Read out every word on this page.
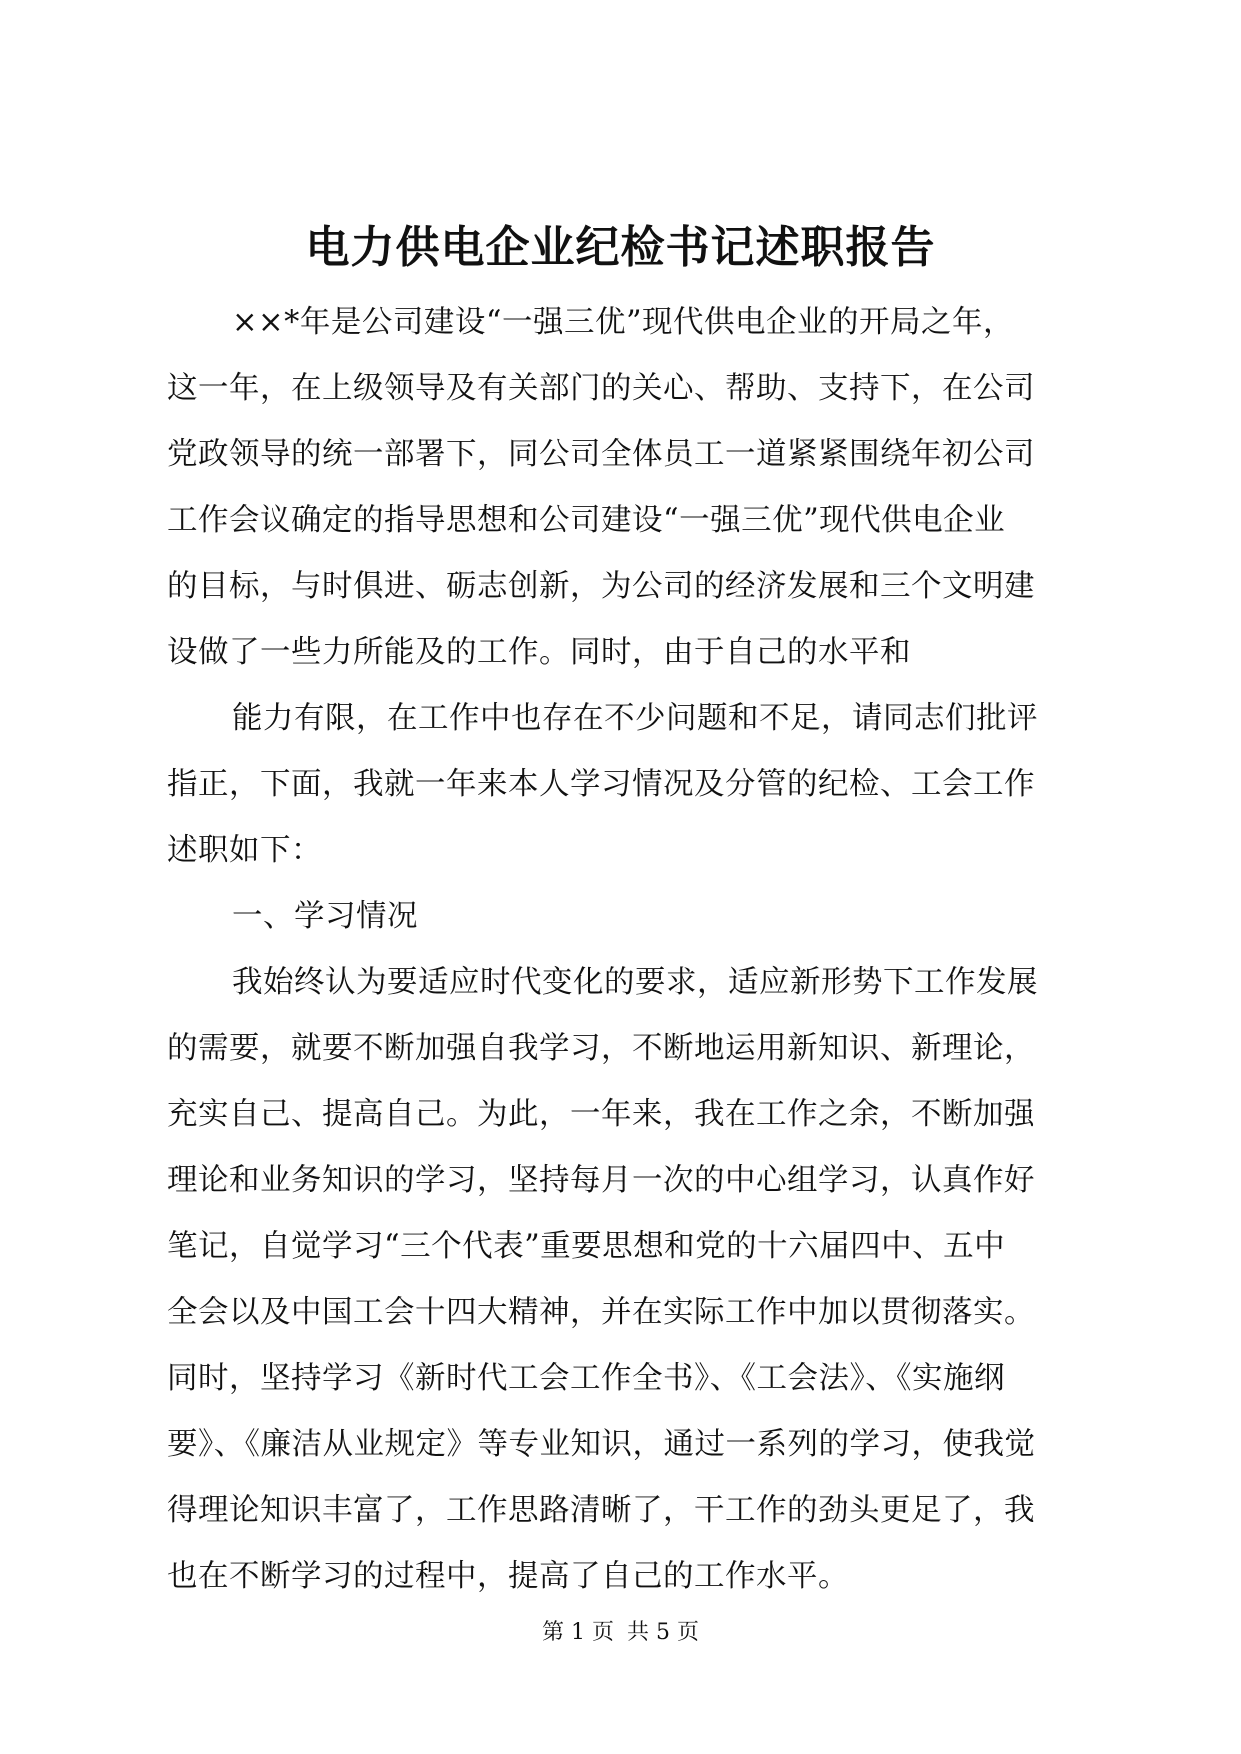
电力供电企业纪检书记述职报告
××*年是公司建设“一强三优”现代供电企业的开局之年，
这一年，在上级领导及有关部门的关心、帮助、支持下，在公司
党政领导的统一部署下，同公司全体员工一道紧紧围绕年初公司
工作会议确定的指导思想和公司建设“一强三优”现代供电企业
的目标，与时俱进、砺志创新，为公司的经济发展和三个文明建
设做了一些力所能及的工作。同时，由于自己的水平和
能力有限，在工作中也存在不少问题和不足，请同志们批评
指正，下面，我就一年来本人学习情况及分管的纪检、工会工作
述职如下：
一、学习情况
我始终认为要适应时代变化的要求，适应新形势下工作发展
的需要，就要不断加强自我学习，不断地运用新知识、新理论，
充实自己、提高自己。为此，一年来，我在工作之余，不断加强
理论和业务知识的学习，坚持每月一次的中心组学习，认真作好
笔记，自觉学习“三个代表”重要思想和党的十六届四中、五中
全会以及中国工会十四大精神，并在实际工作中加以贯彻落实。
同时，坚持学习《新时代工会工作全书》、《工会法》、《实施纲
要》、《廉洁从业规定》等专业知识，通过一系列的学习，使我觉
得理论知识丰富了，工作思路清晰了，干工作的劲头更足了，我
也在不断学习的过程中，提高了自己的工作水平。
第 1 页 共 5 页
